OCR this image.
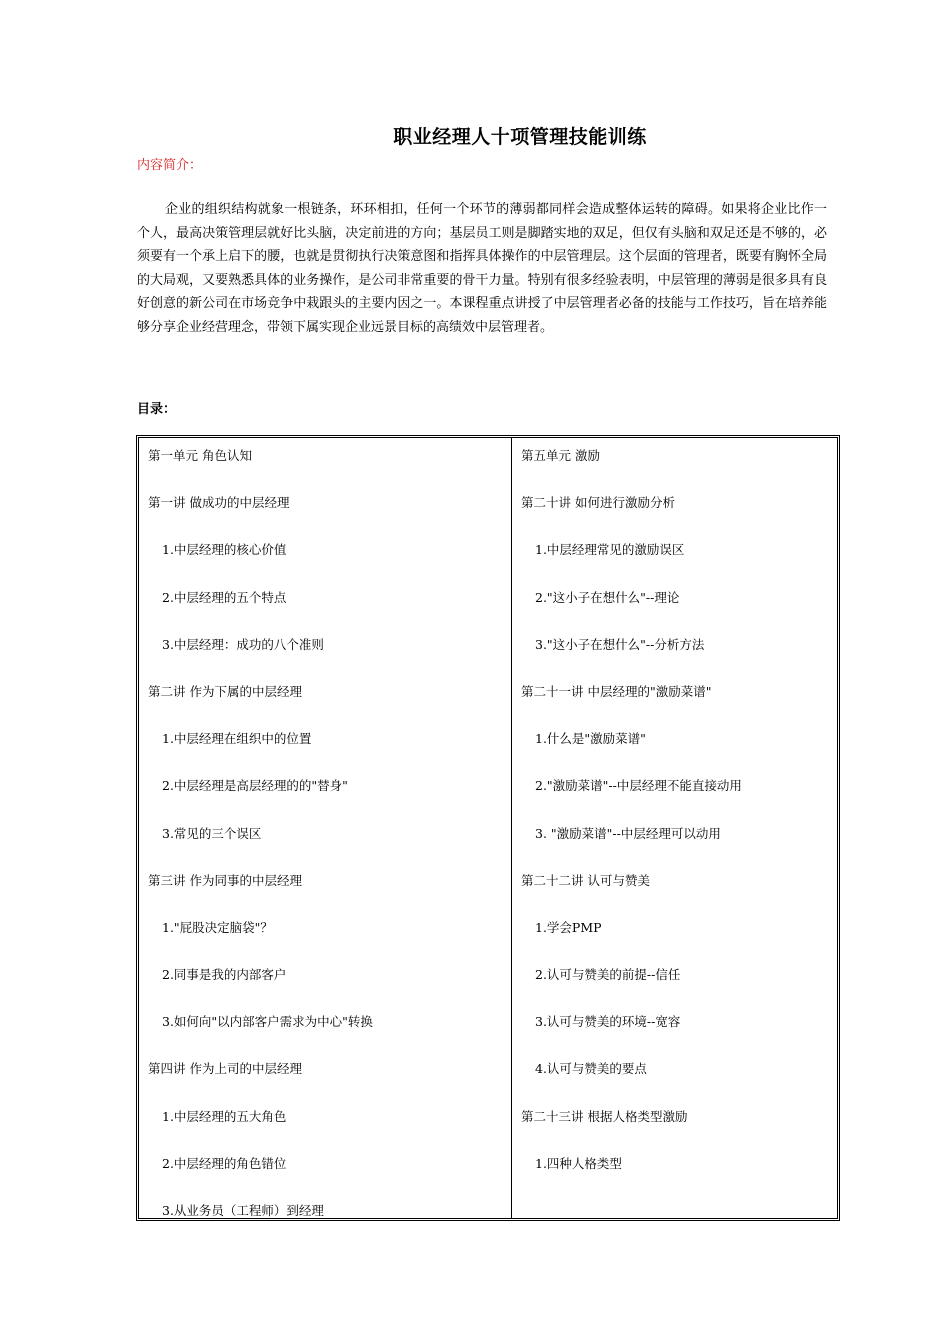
职业经理人十项管理技能训练
内容简介：
企业的组织结构就象一根链条，环环相扣，任何一个环节的薄弱都同样会造成整体运转的障碍。如果将企业比作一个人，最高决策管理层就好比头脑，决定前进的方向；基层员工则是脚踏实地的双足，但仅有头脑和双足还是不够的，必须要有一个承上启下的腰，也就是贯彻执行决策意图和指挥具体操作的中层管理层。这个层面的管理者，既要有胸怀全局的大局观，又要熟悉具体的业务操作，是公司非常重要的骨干力量。特别有很多经验表明，中层管理的薄弱是很多具有良好创意的新公司在市场竞争中栽跟头的主要内因之一。本课程重点讲授了中层管理者必备的技能与工作技巧，旨在培养能够分享企业经营理念，带领下属实现企业远景目标的高绩效中层管理者。
目录：
第一单元 角色认知
第一讲 做成功的中层经理
1.中层经理的核心价值
2.中层经理的五个特点
3.中层经理：成功的八个准则
第二讲 作为下属的中层经理
1.中层经理在组织中的位置
2.中层经理是高层经理的的"替身"
3.常见的三个误区
第三讲 作为同事的中层经理
1."屁股决定脑袋"？
2.同事是我的内部客户
3.如何向"以内部客户需求为中心"转换
第四讲 作为上司的中层经理
1.中层经理的五大角色
2.中层经理的角色错位
3.从业务员（工程师）到经理
第五单元 激励
第二十讲 如何进行激励分析
1.中层经理常见的激励误区
2."这小子在想什么"--理论
3."这小子在想什么"--分析方法
第二十一讲 中层经理的"激励菜谱"
1.什么是"激励菜谱"
2."激励菜谱"--中层经理不能直接动用
3. "激励菜谱"--中层经理可以动用
第二十二讲 认可与赞美
1.学会PMP
2.认可与赞美的前提--信任
3.认可与赞美的环境--宽容
4.认可与赞美的要点
第二十三讲 根据人格类型激励
1.四种人格类型
